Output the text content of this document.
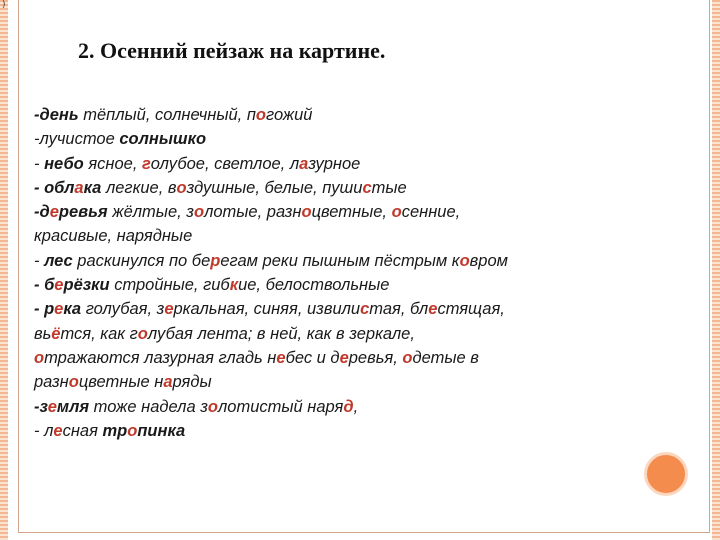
)
2. Осенний пейзаж на картине.
-день тёплый, солнечный, погожий
-лучистое солнышко
- небо ясное, голубое, светлое, лазурное
- облака легкие, воздушные, белые, пушистые
-деревья жёлтые, золотые, разноцветные, осенние,
красивые, нарядные
- лес раскинулся по берегам реки пышным пёстрым ковром
- берёзки стройные, гибкие, белоствольные
- река голубая, зеркальная, синяя, извилистая, блестящая,
вьётся, как голубая лента; в ней, как в зеркале,
отражаются лазурная гладь небес и деревья, одетые в
разноцветные наряды
-земля тоже надела золотистый наряд,
- лесная тропинка
